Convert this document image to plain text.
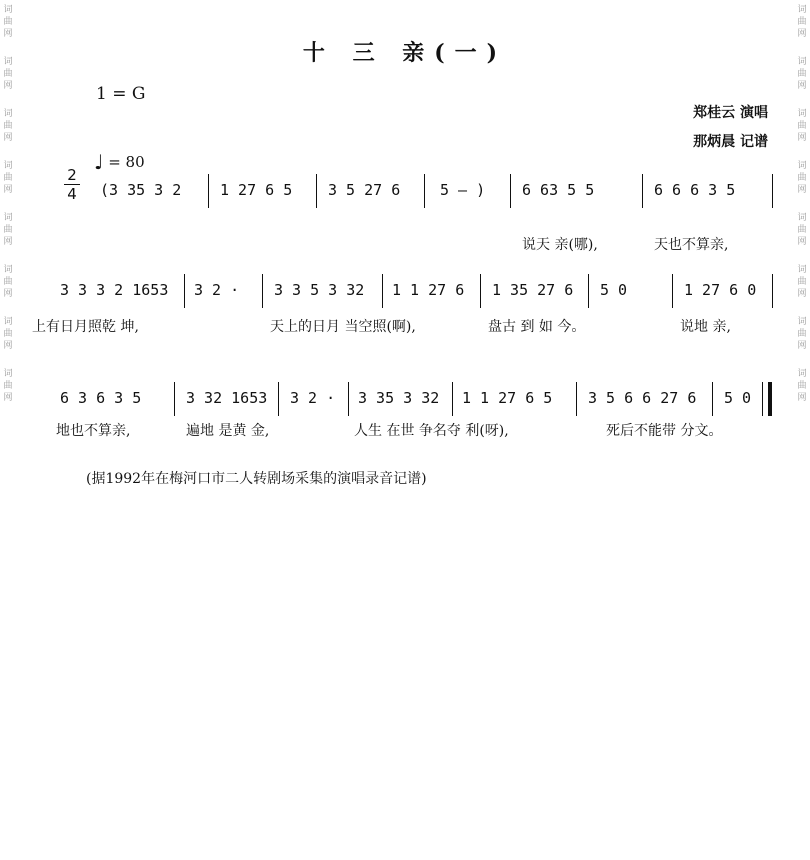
词
曲
网
词
曲
网
词
曲
网
词
曲
网
词
曲
网
词
曲
网
词
曲
网
词
曲
网
词
曲
网
词
曲
网
词
曲
网
词
曲
网
词
曲
网
词
曲
网
词
曲
网
词
曲
网
十 三 亲(一)
1 = G
♩ = 80
郑桂云 演唱
那炳晨 记谱
2
4

(3 35 3 2

	1 27 6 5

3 5 27 6

	5 – )

6 63 5 5

	6 6 6 3 5

说天 亲(哪),

	天也不算亲,

3 3 3 2 1653

3 2 ·

3 3 5 3 32

1 1 27 6

1 35 27 6

5 0

	1 27 6 0

上有日月照乾 坤,

	天上的日月 当空照(啊),

	盘古 到 如 今。

	说地 亲,

6 3 6 3 5

	3 32 1653

3 2 ·

3 35 3 32

1 1 27 6 5

3 5 6 6 27 6

5 0

地也不算亲,

	遍地 是黄 金,

	人生 在世 争名夺 利(呀),

	死后不能带 分文。

(据1992年在梅河口市二人转剧场采集的演唱录音记谱)
